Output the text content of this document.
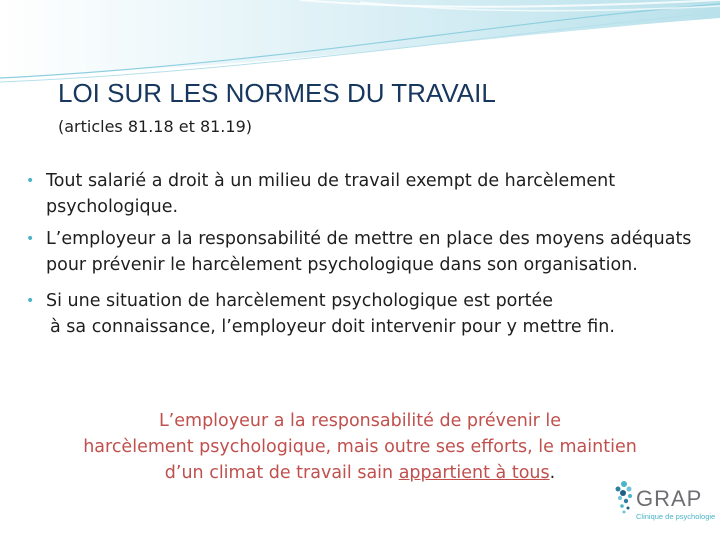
LOI SUR LES NORMES DU TRAVAIL
(articles 81.18 et 81.19)
• Tout salarié a droit à un milieu de travail exempt de harcèlement psychologique.
• L’employeur a la responsabilité de mettre en place des moyens adéquats pour prévenir le harcèlement psychologique dans son organisation.
• Si une situation de harcèlement psychologique est portée
à sa connaissance, l’employeur doit intervenir pour y mettre fin.
L’employeur a la responsabilité de prévenir le
harcèlement psychologique, mais outre ses efforts, le maintien
d’un climat de travail sain appartient à tous.
GRAP
Clinique de psychologie
